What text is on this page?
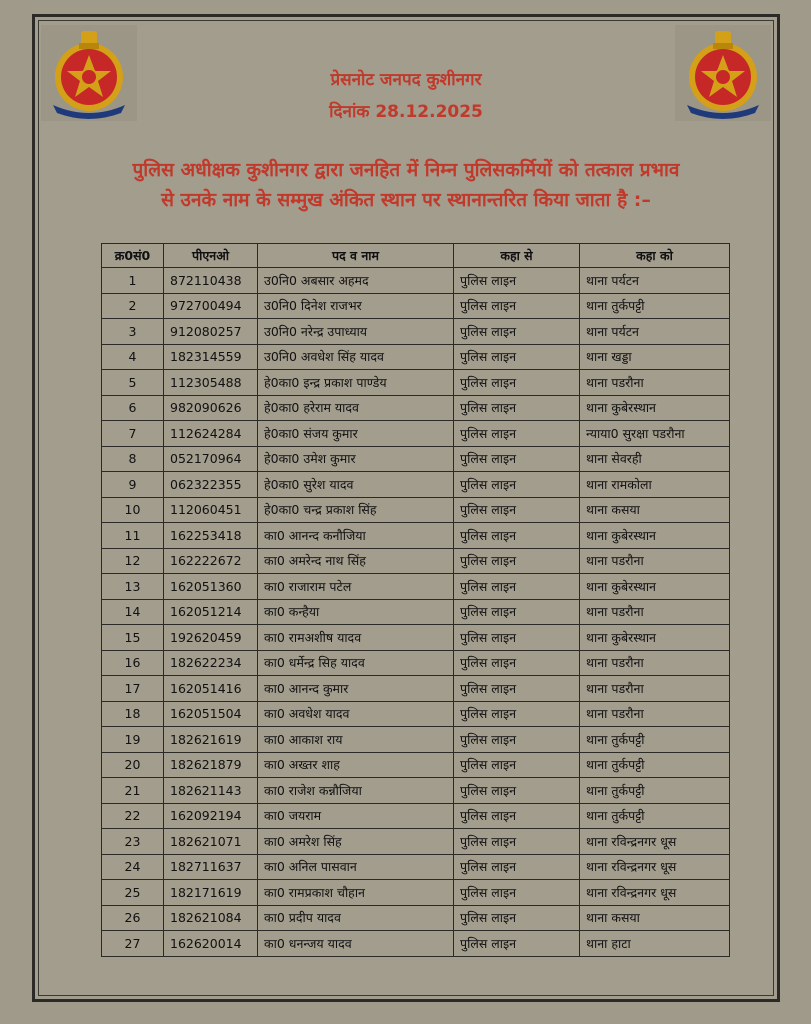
प्रेसनोट जनपद कुशीनगर
दिनांक 28.12.2025
पुलिस अधीक्षक कुशीनगर द्वारा जनहित में निम्न पुलिसकर्मियों को तत्काल प्रभाव
से उनके नाम के सम्मुख अंकित स्थान पर स्थानान्तरित किया जाता है :–
क्र0सं0	पीएनओ	पद व नाम	कहा से	कहा को
1	872110438	उ0नि0 अबसार अहमद	पुलिस लाइन	थाना पर्यटन
2	972700494	उ0नि0 दिनेश राजभर	पुलिस लाइन	थाना तुर्कपट्टी
3	912080257	उ0नि0 नरेन्द्र उपाध्याय	पुलिस लाइन	थाना पर्यटन
4	182314559	उ0नि0 अवधेश सिंह यादव	पुलिस लाइन	थाना खड्डा
5	112305488	हे0का0 इन्द्र प्रकाश पाण्डेय	पुलिस लाइन	थाना पडरौना
6	982090626	हे0का0 हरेराम यादव	पुलिस लाइन	थाना कुबेरस्थान
7	112624284	हे0का0 संजय कुमार	पुलिस लाइन	न्याया0 सुरक्षा पडरौना
8	052170964	हे0का0 उमेश कुमार	पुलिस लाइन	थाना सेवरही
9	062322355	हे0का0 सुरेश यादव	पुलिस लाइन	थाना रामकोला
10	112060451	हे0का0 चन्द्र प्रकाश सिंह	पुलिस लाइन	थाना कसया
11	162253418	का0 आनन्द कनौजिया	पुलिस लाइन	थाना कुबेरस्थान
12	162222672	का0 अमरेन्द नाथ सिंह	पुलिस लाइन	थाना पडरौना
13	162051360	का0 राजाराम पटेल	पुलिस लाइन	थाना कुबेरस्थान
14	162051214	का0 कन्हैया	पुलिस लाइन	थाना पडरौना
15	192620459	का0 रामअशीष यादव	पुलिस लाइन	थाना कुबेरस्थान
16	182622234	का0 धर्मेन्द्र सिह यादव	पुलिस लाइन	थाना पडरौना
17	162051416	का0 आनन्द कुमार	पुलिस लाइन	थाना पडरौना
18	162051504	का0 अवधेश यादव	पुलिस लाइन	थाना पडरौना
19	182621619	का0 आकाश राय	पुलिस लाइन	थाना तुर्कपट्टी
20	182621879	का0 अख्तर शाह	पुलिस लाइन	थाना तुर्कपट्टी
21	182621143	का0 राजेश कन्नौजिया	पुलिस लाइन	थाना तुर्कपट्टी
22	162092194	का0 जयराम	पुलिस लाइन	थाना तुर्कपट्टी
23	182621071	का0 अमरेश सिंह	पुलिस लाइन	थाना रविन्द्रनगर धूस
24	182711637	का0 अनिल पासवान	पुलिस लाइन	थाना रविन्द्रनगर धूस
25	182171619	का0 रामप्रकाश चौहान	पुलिस लाइन	थाना रविन्द्रनगर धूस
26	182621084	का0 प्रदीप यादव	पुलिस लाइन	थाना कसया
27	162620014	का0 धनन्जय यादव	पुलिस लाइन	थाना हाटा
